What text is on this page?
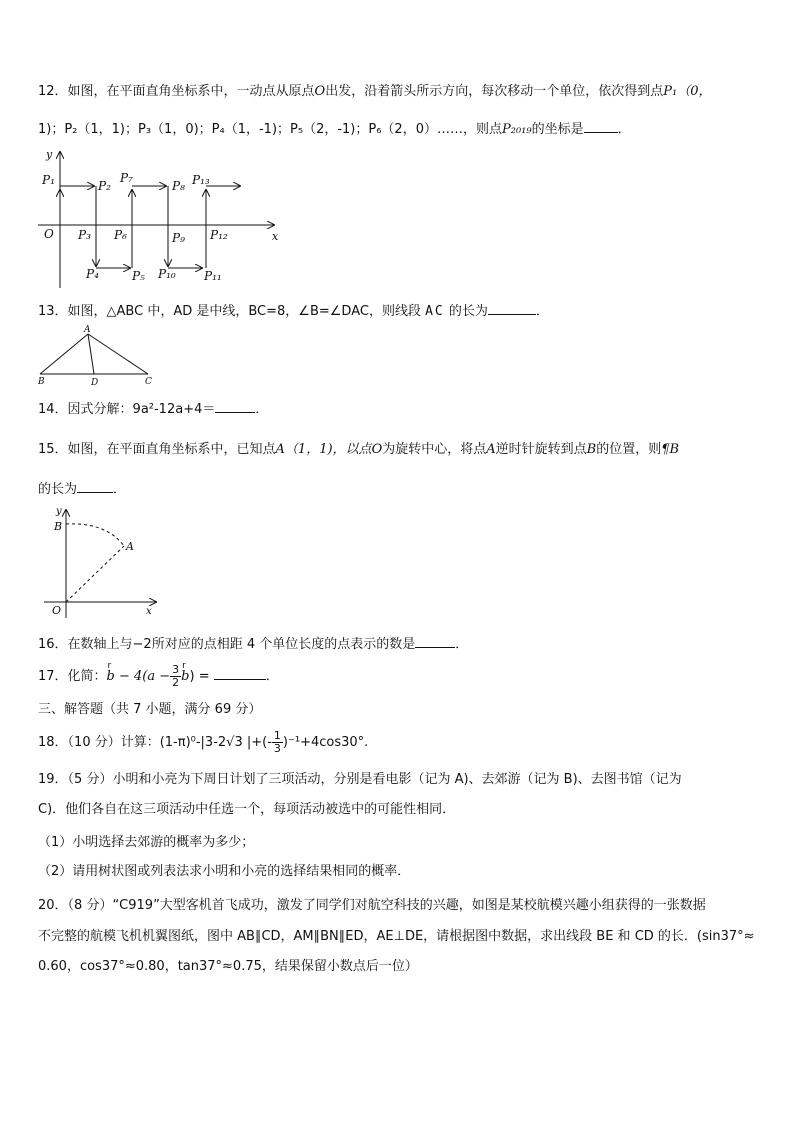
12．如图，在平面直角坐标系中，一动点从原点O出发，沿着箭头所示方向，每次移动一个单位，依次得到点P₁（0，
1)；P₂（1，1)；P₃（1，0)；P₄（1，-1)；P₅（2，-1)；P₆（2，0）……，则点P₂₀₁₉的坐标是	．
y
x
O
P₁	P₂
P₃
P₄	P₅
P₆
P₇
P₈
P₉
P₁₀ P₁₁
P₁₂
P₁₃
13．如图，△ABC 中，AD 是中线，BC=8，∠B=∠DAC，则线段 AC 的长为	．
A
B	D	C
14．因式分解：9a²-12a+4＝	．
15．如图，在平面直角坐标系中，已知点A（1，1)，以点O为旋转中心，将点A逆时针旋转到点B的位置，则¶B
的长为	．
y
x
O
A
B
16．在数轴上与−2所对应的点相距 4 个单位长度的点表示的数是	．
17．化简：r $b - 4(a - \frac{3}{2}$
r b) =	．
三、解答题（共 7 小题，满分 69 分）
18．（10 分）计算：(1-π)⁰-|3-2√3 |+(- $\frac{1}{3} )^{-1}+4\cos 30^\circ$.
19．（5 分）小明和小亮为下周日计划了三项活动，分别是看电影（记为 A)、去郊游（记为 B)、去图书馆（记为
C)．他们各自在这三项活动中任选一个，每项活动被选中的可能性相同．
（1）小明选择去郊游的概率为多少；
（2）请用树状图或列表法求小明和小亮的选择结果相同的概率．
20．（8 分）“C919”大型客机首飞成功，激发了同学们对航空科技的兴趣，如图是某校航模兴趣小组获得的一张数据
不完整的航模飞机机翼图纸，图中 AB∥CD，AM∥BN∥ED，AE⊥DE，请根据图中数据，求出线段 BE 和 CD 的长．(sin37°≈
0.60，cos37°≈0.80，tan37°≈0.75，结果保留小数点后一位）
